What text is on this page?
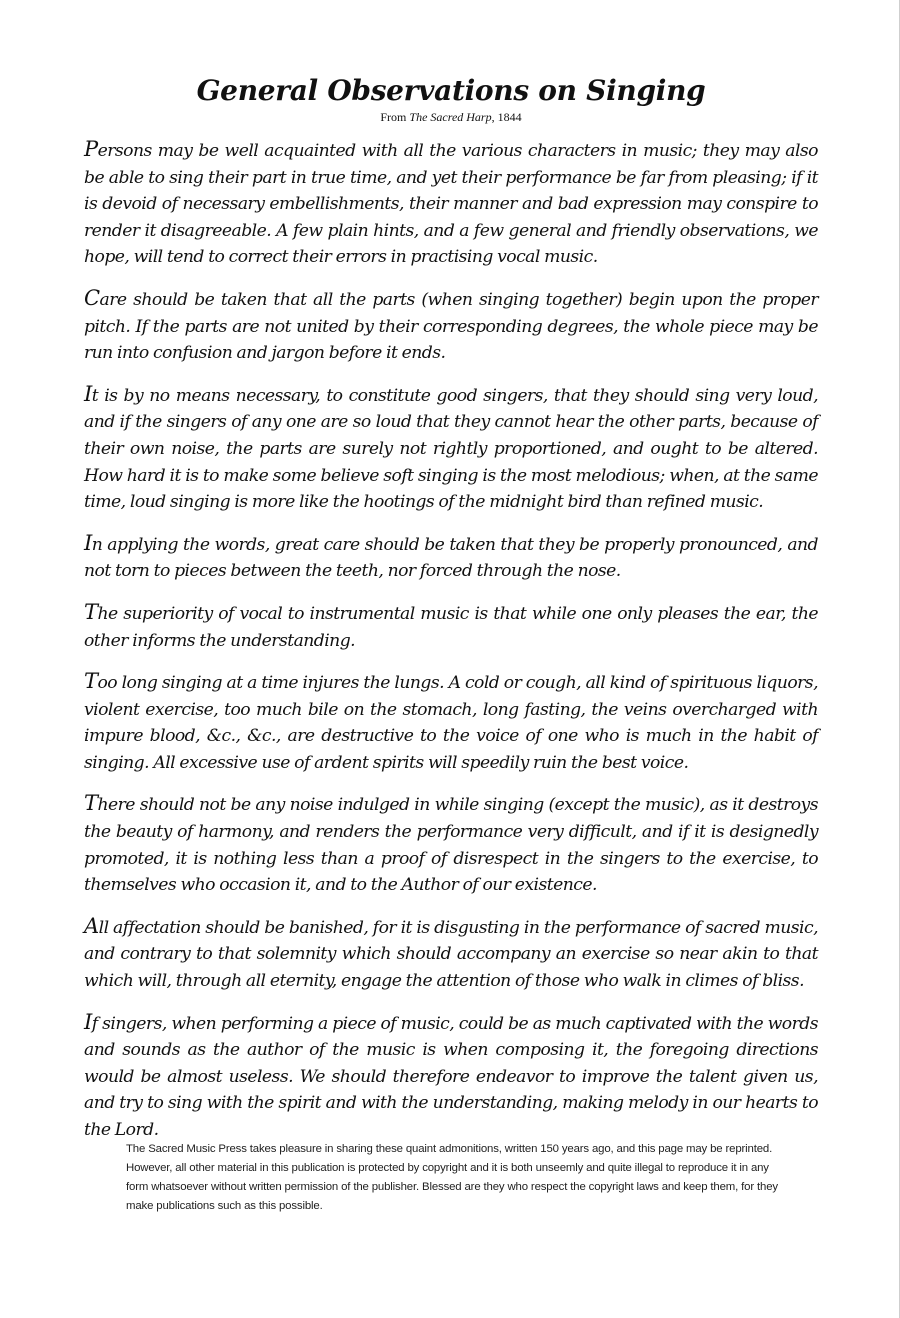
General Observations on Singing

From The Sacred Harp, 1844

Persons may be well acquainted with all the various characters in music; they may also be able to sing their part in true time, and yet their performance be far from pleasing; if it is devoid of necessary embellishments, their manner and bad expression may conspire to render it disagreeable. A few plain hints, and a few general and friendly observations, we hope, will tend to correct their errors in practising vocal music.

Care should be taken that all the parts (when singing together) begin upon the proper pitch. If the parts are not united by their corresponding degrees, the whole piece may be run into confusion and jargon before it ends.

It is by no means necessary, to constitute good singers, that they should sing very loud, and if the singers of any one are so loud that they cannot hear the other parts, because of their own noise, the parts are surely not rightly proportioned, and ought to be altered. How hard it is to make some believe soft singing is the most melodious; when, at the same time, loud singing is more like the hootings of the midnight bird than refined music.

In applying the words, great care should be taken that they be properly pronounced, and not torn to pieces between the teeth, nor forced through the nose.

The superiority of vocal to instrumental music is that while one only pleases the ear, the other informs the understanding.

Too long singing at a time injures the lungs. A cold or cough, all kind of spirituous liquors, violent exercise, too much bile on the stomach, long fasting, the veins overcharged with impure blood, &c., &c., are destructive to the voice of one who is much in the habit of singing. All excessive use of ardent spirits will speedily ruin the best voice.

There should not be any noise indulged in while singing (except the music), as it destroys the beauty of harmony, and renders the performance very difficult, and if it is designedly promoted, it is nothing less than a proof of disrespect in the singers to the exercise, to themselves who occasion it, and to the Author of our existence.

All affectation should be banished, for it is disgusting in the performance of sacred music, and contrary to that solemnity which should accompany an exercise so near akin to that which will, through all eternity, engage the attention of those who walk in climes of bliss.

If singers, when performing a piece of music, could be as much captivated with the words and sounds as the author of the music is when composing it, the foregoing directions would be almost useless. We should therefore endeavor to improve the talent given us, and try to sing with the spirit and with the understanding, making melody in our hearts to the Lord.

The Sacred Music Press takes pleasure in sharing these quaint admonitions, written 150 years ago, and this page may be reprinted. However, all other material in this publication is protected by copyright and it is both unseemly and quite illegal to reproduce it in any form whatsoever without written permission of the publisher. Blessed are they who respect the copyright laws and keep them, for they make publications such as this possible.
